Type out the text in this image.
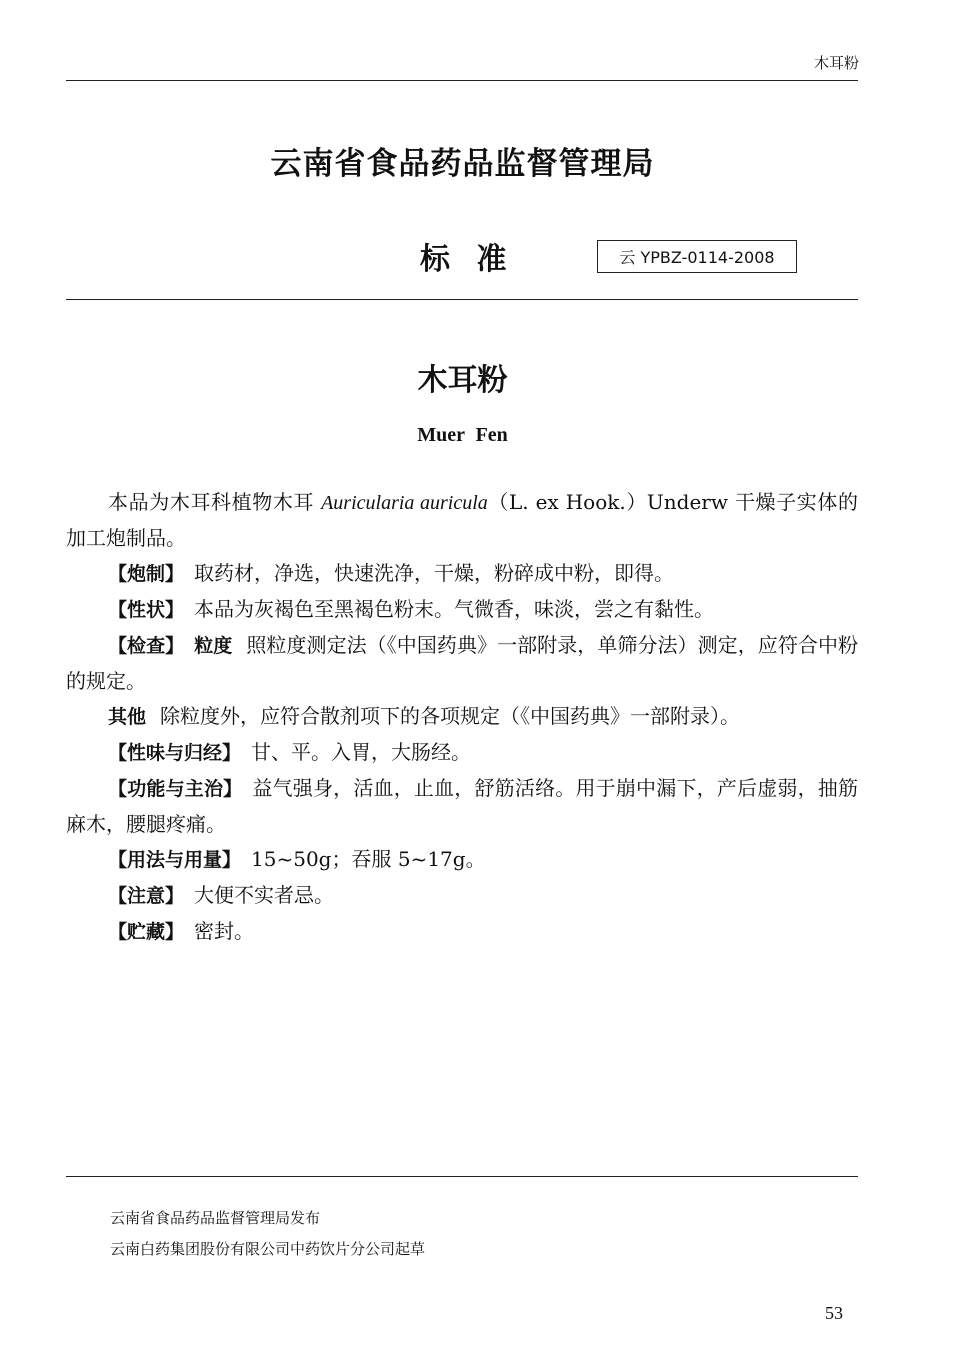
木耳粉
云南省食品药品监督管理局
标 准	云 YPBZ-0114-2008
木耳粉
Muer Fen

本品为木耳科植物木耳 Auricularia auricula（L. ex Hook.）Underw 干燥子实体的加工炮制品。

【炮制】 取药材，净选，快速洗净，干燥，粉碎成中粉，即得。

【性状】 本品为灰褐色至黑褐色粉末。气微香，味淡，尝之有黏性。

【检查】 粒度 照粒度测定法（《中国药典》一部附录，单筛分法）测定，应符合中粉的规定。

其他 除粒度外，应符合散剂项下的各项规定（《中国药典》一部附录）。

【性味与归经】 甘、平。入胃，大肠经。

【功能与主治】 益气强身，活血，止血，舒筋活络。用于崩中漏下，产后虚弱，抽筋麻木，腰腿疼痛。

【用法与用量】 15~50g；吞服 5~17g。

【注意】 大便不实者忌。

【贮藏】 密封。

云南省食品药品监督管理局发布
云南白药集团股份有限公司中药饮片分公司起草
53
